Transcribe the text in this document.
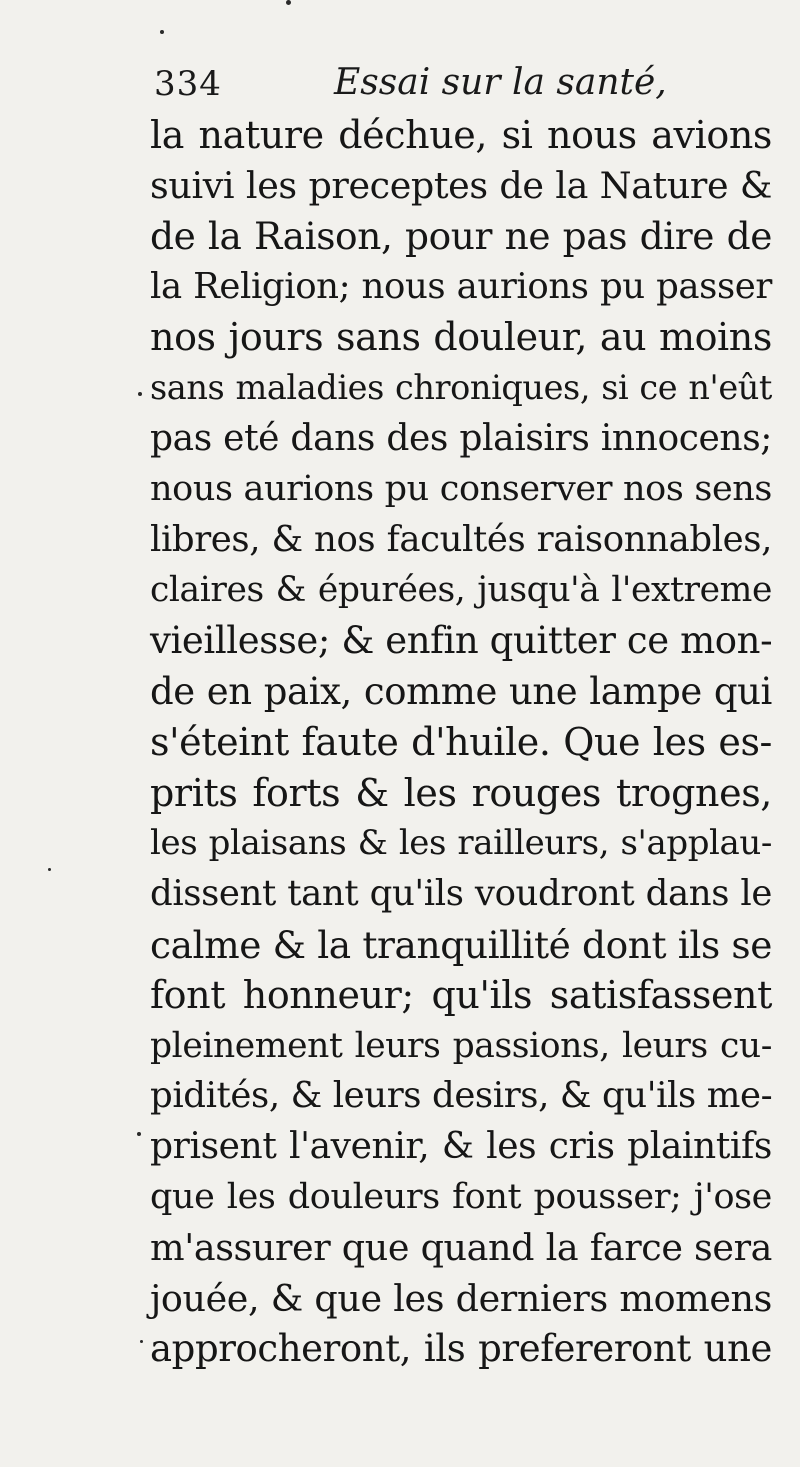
334	Essai sur la santé,
la nature déchue, si nous avions
suivi les preceptes de la Nature &
de la Raison, pour ne pas dire de
la Religion; nous aurions pu passer
nos jours sans douleur, au moins
sans maladies chroniques, si ce n'eût
pas eté dans des plaisirs innocens;
nous aurions pu conserver nos sens
libres, & nos facultés raisonnables,
claires & épurées, jusqu'à l'extreme
vieillesse; & enfin quitter ce mon-
de en paix, comme une lampe qui
s'éteint faute d'huile. Que les es-
prits forts & les rouges trognes,
les plaisans & les railleurs, s'applau-
dissent tant qu'ils voudront dans le
calme & la tranquillité dont ils se
font honneur; qu'ils satisfassent
pleinement leurs passions, leurs cu-
pidités, & leurs desirs, & qu'ils me-
prisent l'avenir, & les cris plaintifs
que les douleurs font pousser; j'ose
m'assurer que quand la farce sera
jouée, & que les derniers momens
approcheront, ils prefereront une
